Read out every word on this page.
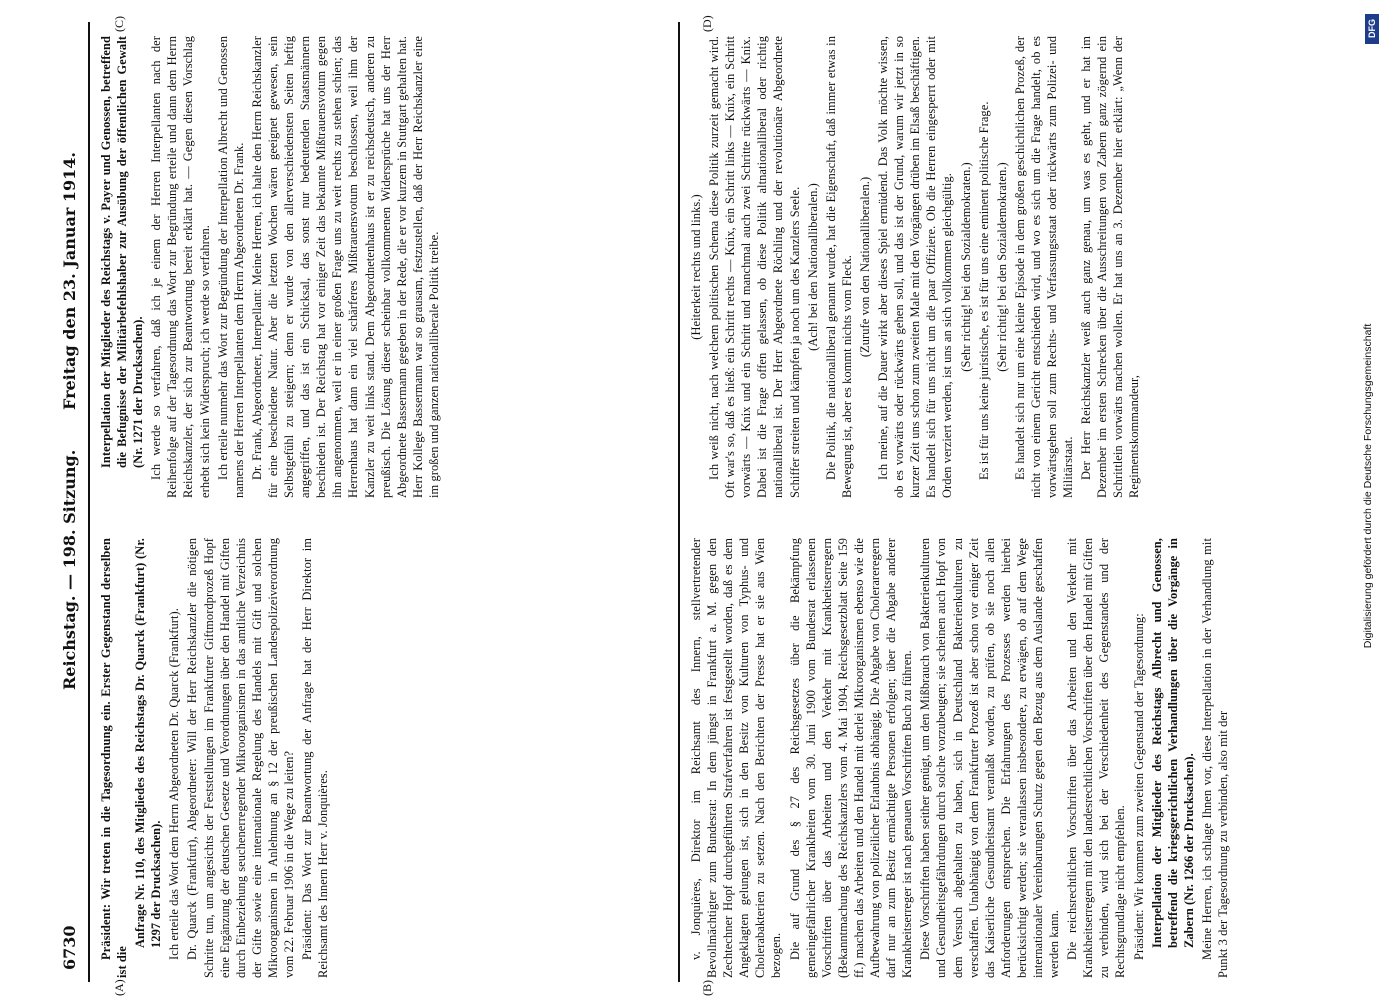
6730
Reichstag. — 198. Sitzung.
Freitag den 23. Januar 1914.
(A)	(B)
(C)	(D)

Präsident: Wir treten in die Tagesordnung ein. Erster Gegenstand derselben ist die

Anfrage Nr. 110, des Mitgliedes des Reichstags Dr. Quarck (Frankfurt) (Nr. 1297 der Drucksachen). Ich erteile das Wort dem Herrn Abgeordneten Dr. Quarck (Frankfurt). Dr. Quarck (Frankfurt), Abgeordneter: Will der Herr Reichskanzler die nötigen Schritte tun, um angesichts der Feststellungen im Frankfurter Giftmordprozeß Hopf eine Ergänzung der deutschen Gesetze und Verordnungen über den Handel mit Giften durch Einbeziehung seuchenerregender Mikroorganismen in das amtliche Verzeichnis der Gifte sowie eine internationale Regelung des Handels mit Gift und solchen Mikroorganismen in Anlehnung an § 12 der preußischen Landespolizeiverordnung vom 22. Februar 1906 in die Wege zu leiten? Präsident: Das Wort zur Beantwortung der Anfrage hat der Herr Direktor im Reichsamt des Innern Herr v. Jonquières.

Interpellation der Mitglieder des Reichstags v. Payer und Genossen, betreffend die Befugnisse der Militärbefehlshaber zur Ausübung der öffentlichen Gewalt (Nr. 1271 der Drucksachen). Ich werde so verfahren, daß ich je einem der Herren Interpellanten nach der Reihenfolge auf der Tagesordnung das Wort zur Begründung erteile und dann dem Herrn Reichskanzler, der sich zur Beantwortung bereit erklärt hat. — Gegen diesen Vorschlag erhebt sich kein Widerspruch; ich werde so verfahren. Ich erteile nunmehr das Wort zur Begründung der Interpellation Albrecht und Genossen namens der Herren Interpellanten dem Herrn Abgeordneten Dr. Frank. Dr. Frank, Abgeordneter, Interpellant: Meine Herren, ich halte den Herrn Reichskanzler für eine bescheidene Natur. Aber die letzten Wochen wären geeignet gewesen, sein Selbstgefühl zu steigern; denn er wurde von den allerverschiedensten Seiten heftig angegriffen, und das ist ein Schicksal, das sonst nur bedeutenden Staatsmännern beschieden ist. Der Reichstag hat vor einiger Zeit das bekannte Mißtrauensvotum gegen ihn angenommen, weil er in einer großen Frage uns zu weit rechts zu stehen schien; das Herrenhaus hat dann ein viel schärferes Mißtrauensvotum beschlossen, weil ihm der Kanzler zu weit links stand. Dem Abgeordnetenhaus ist er zu reichsdeutsch, anderen zu preußisch. Die Lösung dieser scheinbar vollkommenen Widersprüche hat uns der Herr Abgeordnete Bassermann gegeben in der Rede, die er vor kurzem in Stuttgart gehalten hat. Herr Kollege Bassermann war so grausam, festzustellen, daß der Herr Reichskanzler eine im großen und ganzen nationalliberale Politik treibe.

v. Jonquières, Direktor im Reichsamt des Innern, stellvertretender Bevollmächtigter zum Bundesrat: In dem jüngst in Frankfurt a. M. gegen den Zechtechner Hopf durchgeführten Strafverfahren ist festgestellt worden, daß es dem Angeklagten gelungen ist, sich in den Besitz von Kulturen von Typhus- und Cholerabakterien zu setzen. Nach den Berichten der Presse hat er sie aus Wien bezogen. Die auf Grund des § 27 des Reichsgesetzes über die Bekämpfung gemeingefährlicher Krankheiten vom 30. Juni 1900 vom Bundesrat erlassenen Vorschriften über das Arbeiten und den Verkehr mit Krankheitserregern (Bekanntmachung des Reichskanzlers vom 4. Mai 1904, Reichsgesetzblatt Seite 159 ff.) machen das Arbeiten und den Handel mit derlei Mikroorganismen ebenso wie die Aufbewahrung von polizeilicher Erlaubnis abhängig. Die Abgabe von Cholerareregern darf nur an zum Besitz ermächtigte Personen erfolgen; über die Abgabe anderer Krankheitserreger ist nach genauen Vorschriften Buch zu führen. Diese Vorschriften haben seither genügt, um den Mißbrauch von Bakterienkulturen und Gesundheitsgefährdungen durch solche vorzubeugen; sie scheinen auch Hopf von dem Versuch abgehalten zu haben, sich in Deutschland Bakterienkulturen zu verschaffen. Unabhängig von dem Frankfurter Prozeß ist aber schon vor einiger Zeit das Kaiserliche Gesundheitsamt veranlaßt worden, zu prüfen, ob sie noch allen Anforderungen entsprechen. Die Erfahrungen des Prozesses werden hierbei berücksichtigt werden; sie veranlassen insbesondere, zu erwägen, ob auf dem Wege internationaler Vereinbarungen Schutz gegen den Bezug aus dem Auslande geschaffen werden kann. Die reichsrechtlichen Vorschriften über das Arbeiten und den Verkehr mit Krankheitserregern mit den landesrechtlichen Vorschriften über den Handel mit Giften zu verbinden, wird sich bei der Verschiedenheit des Gegenstandes und der Rechtsgrundlage nicht empfehlen. Präsident: Wir kommen zum zweiten Gegenstand der Tagesordnung: Interpellation der Mitglieder des Reichstags Albrecht und Genossen, betreffend die kriegsgerichtlichen Verhandlungen über die Vorgänge in Zabern (Nr. 1266 der Drucksachen). Meine Herren, ich schlage Ihnen vor, diese Interpellation in der Verhandlung mit Punkt 3 der Tagesordnung zu verbinden, also mit der

(Heiterkeit rechts und links.) Ich weiß nicht, nach welchem politischen Schema diese Politik zurzeit gemacht wird. Oft war's so, daß es hieß: ein Schritt rechts — Knix, ein Schritt links — Knix, ein Schritt vorwärts — Knix und ein Schritt und manchmal auch zwei Schritte rückwärts — Knix. Dabei ist die Frage offen gelassen, ob diese Politik altnationalliberal oder richtig nationalliberal ist. Der Herr Abgeordnete Röchling und der revolutionäre Abgeordnete Schiffer streiten und kämpfen ja noch um des Kanzlers Seele. (Ach! bei den Nationalliberalen.) Die Politik, die nationalliberal genannt wurde, hat die Eigenschaft, daß immer etwas in Bewegung ist, aber es kommt nichts vom Fleck. (Zurufe von den Nationalliberalen.) Ich meine, auf die Dauer wirkt aber dieses Spiel ermüdend. Das Volk möchte wissen, ob es vorwärts oder rückwärts gehen soll, und das ist der Grund, warum wir jetzt in so kurzer Zeit uns schon zum zweiten Male mit den Vorgängen drüben im Elsaß beschäftigen. Es handelt sich für uns nicht um die paar Offiziere. Ob die Herren eingesperrt oder mit Orden verziert werden, ist uns an sich vollkommen gleichgültig. (Sehr richtig! bei den Sozialdemokraten.) Es ist für uns keine juristische, es ist für uns eine eminent politische Frage. (Sehr richtig! bei den Sozialdemokraten.) Es handelt sich nur um eine kleine Episode in dem großen geschichtlichen Prozeß, der nicht von einem Gericht entschieden wird, und wo es sich um die Frage handelt, ob es vorwärtsgehen soll zum Rechts- und Verfassungsstaat oder rückwärts zum Polizei- und Militärstaat. Der Herr Reichskanzler weiß auch ganz genau, um was es geht, und er hat im Dezember im ersten Schrecken über die Ausschreitungen von Zabern ganz zögernd ein Schrittlein vorwärts machen wollen. Er hat uns an 3. Dezember hier erklärt: „Wenn der Regimentskommandeur,

DFG
Digitalisierung gefördert durch die Deutsche Forschungsgemeinschaft
